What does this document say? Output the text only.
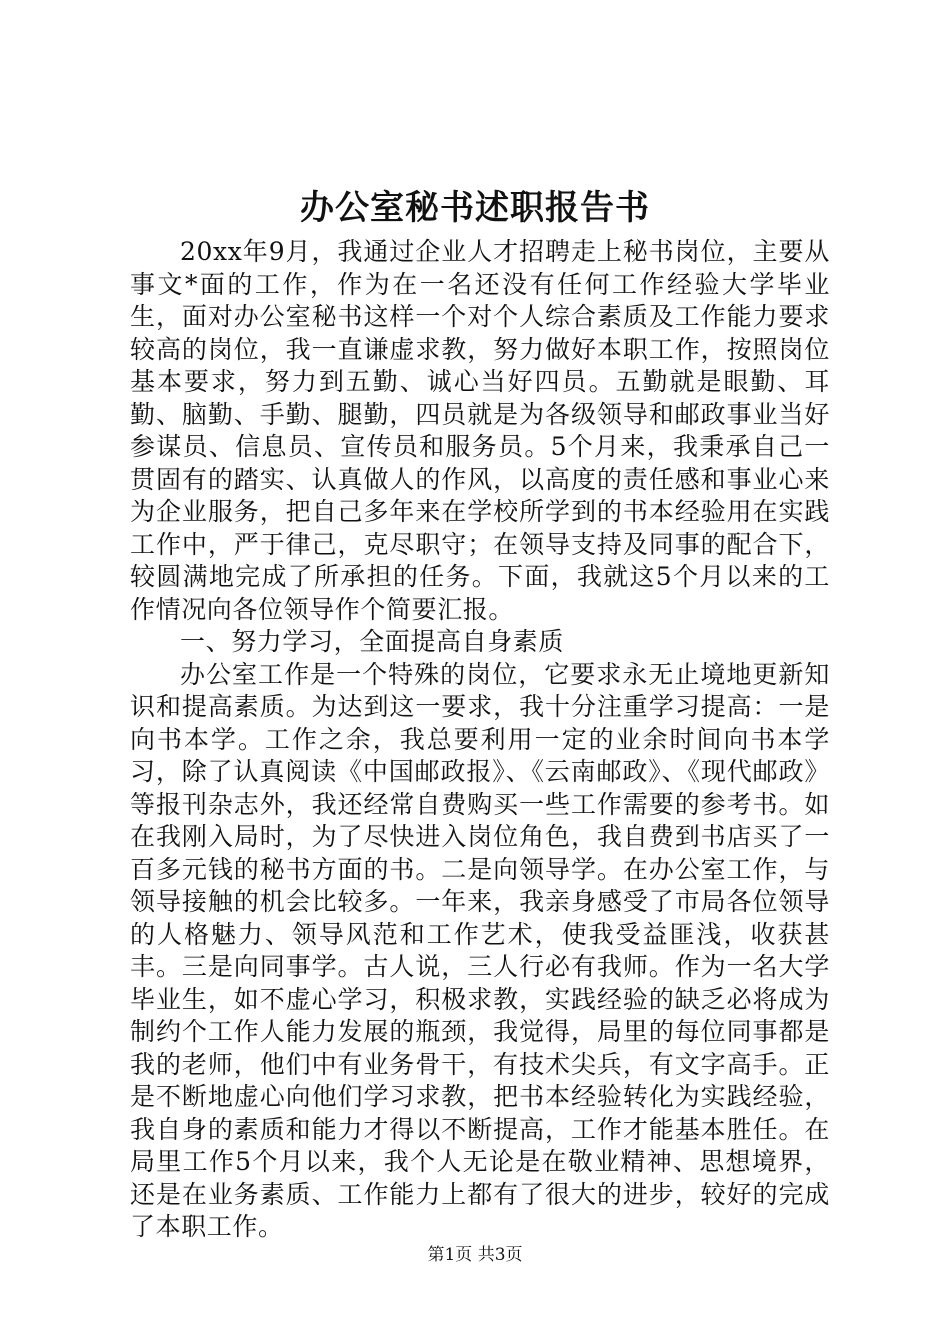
办公室秘书述职报告书

20xx年9月，我通过企业人才招聘走上秘书岗位，主要从事文*面的工作，作为在一名还没有任何工作经验大学毕业生，面对办公室秘书这样一个对个人综合素质及工作能力要求较高的岗位，我一直谦虚求教，努力做好本职工作，按照岗位基本要求，努力到五勤、诚心当好四员。五勤就是眼勤、耳勤、脑勤、手勤、腿勤，四员就是为各级领导和邮政事业当好参谋员、信息员、宣传员和服务员。5个月来，我秉承自己一贯固有的踏实、认真做人的作风，以高度的责任感和事业心来为企业服务，把自己多年来在学校所学到的书本经验用在实践工作中，严于律己，克尽职守；在领导支持及同事的配合下，较圆满地完成了所承担的任务。下面，我就这5个月以来的工作情况向各位领导作个简要汇报。

一、努力学习，全面提高自身素质

办公室工作是一个特殊的岗位，它要求永无止境地更新知识和提高素质。为达到这一要求，我十分注重学习提高：一是向书本学。工作之余，我总要利用一定的业余时间向书本学习，除了认真阅读《中国邮政报》、《云南邮政》、《现代邮政》等报刊杂志外，我还经常自费购买一些工作需要的参考书。如在我刚入局时，为了尽快进入岗位角色，我自费到书店买了一百多元钱的秘书方面的书。二是向领导学。在办公室工作，与领导接触的机会比较多。一年来，我亲身感受了市局各位领导的人格魅力、领导风范和工作艺术，使我受益匪浅，收获甚丰。三是向同事学。古人说，三人行必有我师。作为一名大学毕业生，如不虚心学习，积极求教，实践经验的缺乏必将成为制约个工作人能力发展的瓶颈，我觉得，局里的每位同事都是我的老师，他们中有业务骨干，有技术尖兵，有文字高手。正是不断地虚心向他们学习求教，把书本经验转化为实践经验，我自身的素质和能力才得以不断提高，工作才能基本胜任。在局里工作5个月以来，我个人无论是在敬业精神、思想境界，还是在业务素质、工作能力上都有了很大的进步，较好的完成了本职工作。

第1页 共3页
